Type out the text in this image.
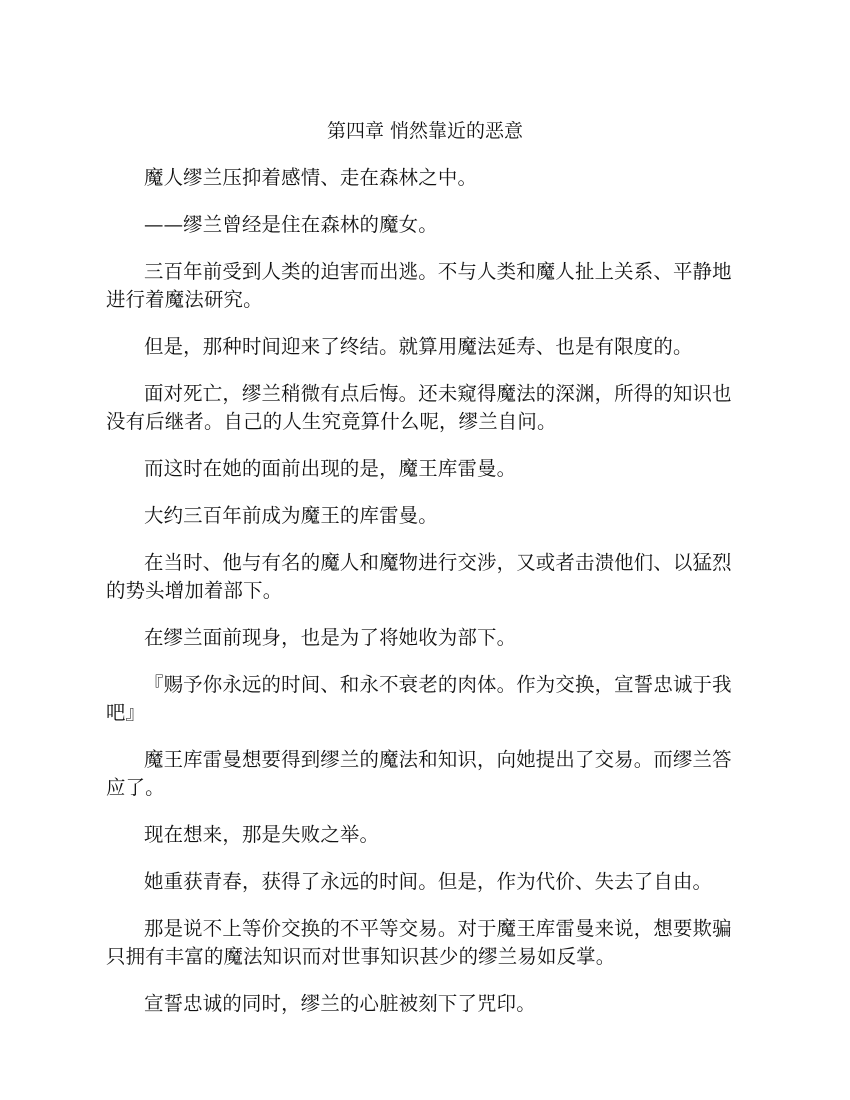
第四章 悄然靠近的恶意

魔人缪兰压抑着感情、走在森林之中。

——缪兰曾经是住在森林的魔女。

三百年前受到人类的迫害而出逃。不与人类和魔人扯上关系、平静地进行着魔法研究。

但是，那种时间迎来了终结。就算用魔法延寿、也是有限度的。

面对死亡，缪兰稍微有点后悔。还未窥得魔法的深渊，所得的知识也没有后继者。自己的人生究竟算什么呢，缪兰自问。

而这时在她的面前出现的是，魔王库雷曼。

大约三百年前成为魔王的库雷曼。

在当时、他与有名的魔人和魔物进行交涉，又或者击溃他们、以猛烈的势头增加着部下。

在缪兰面前现身，也是为了将她收为部下。

『赐予你永远的时间、和永不衰老的肉体。作为交换，宣誓忠诚于我吧』

魔王库雷曼想要得到缪兰的魔法和知识，向她提出了交易。而缪兰答应了。

现在想来，那是失败之举。

她重获青春，获得了永远的时间。但是，作为代价、失去了自由。

那是说不上等价交换的不平等交易。对于魔王库雷曼来说，想要欺骗只拥有丰富的魔法知识而对世事知识甚少的缪兰易如反掌。

宣誓忠诚的同时，缪兰的心脏被刻下了咒印。
